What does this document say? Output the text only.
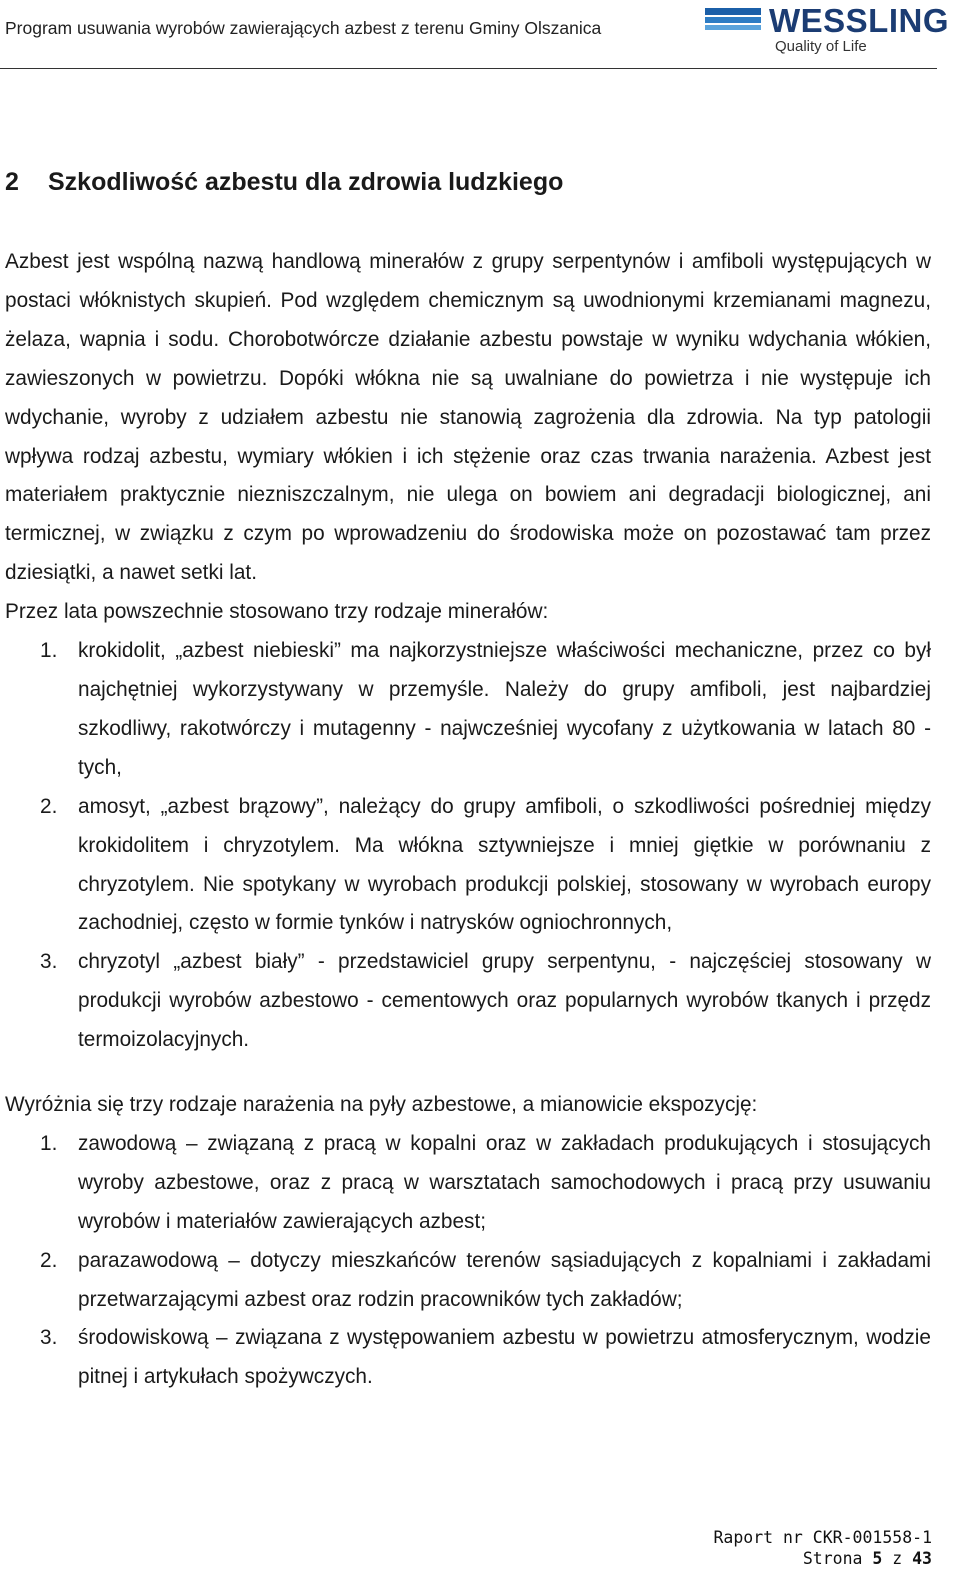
Program usuwania wyrobów zawierających azbest z terenu Gminy Olszanica	WESSLING
Quality of Life
2 Szkodliwość azbestu dla zdrowia ludzkiego

Azbest jest wspólną nazwą handlową minerałów z grupy serpentynów i amfiboli występujących w postaci włóknistych skupień. Pod względem chemicznym są uwodnionymi krzemianami magnezu, żelaza, wapnia i sodu. Chorobotwórcze działanie azbestu powstaje w wyniku wdychania włókien, zawieszonych w powietrzu. Dopóki włókna nie są uwalniane do powietrza i nie występuje ich wdychanie, wyroby z udziałem azbestu nie stanowią zagrożenia dla zdrowia. Na typ patologii wpływa rodzaj azbestu, wymiary włókien i ich stężenie oraz czas trwania narażenia. Azbest jest materiałem praktycznie niezniszczalnym, nie ulega on bowiem ani degradacji biologicznej, ani termicznej, w związku z czym po wprowadzeniu do środowiska może on pozostawać tam przez dziesiątki, a nawet setki lat.

Przez lata powszechnie stosowano trzy rodzaje minerałów:

1. krokidolit, „azbest niebieski” ma najkorzystniejsze właściwości mechaniczne, przez co był najchętniej wykorzystywany w przemyśle. Należy do grupy amfiboli, jest najbardziej szkodliwy, rakotwórczy i mutagenny - najwcześniej wycofany z użytkowania w latach 80 - tych,
2. amosyt, „azbest brązowy”, należący do grupy amfiboli, o szkodliwości pośredniej między krokidolitem i chryzotylem. Ma włókna sztywniejsze i mniej giętkie w porównaniu z chryzotylem. Nie spotykany w wyrobach produkcji polskiej, stosowany w wyrobach europy zachodniej, często w formie tynków i natrysków ogniochronnych,
3. chryzotyl „azbest biały” - przedstawiciel grupy serpentynu, - najczęściej stosowany w produkcji wyrobów azbestowo - cementowych oraz popularnych wyrobów tkanych i przędz termoizolacyjnych.

Wyróżnia się trzy rodzaje narażenia na pyły azbestowe, a mianowicie ekspozycję:

1. zawodową – związaną z pracą w kopalni oraz w zakładach produkujących i stosujących wyroby azbestowe, oraz z pracą w warsztatach samochodowych i pracą przy usuwaniu wyrobów i materiałów zawierających azbest;
2. parazawodową – dotyczy mieszkańców terenów sąsiadujących z kopalniami i zakładami przetwarzającymi azbest oraz rodzin pracowników tych zakładów;
3. środowiskową – związana z występowaniem azbestu w powietrzu atmosferycznym, wodzie pitnej i artykułach spożywczych.
Raport nr CKR-001558-1
Strona 5 z 43
